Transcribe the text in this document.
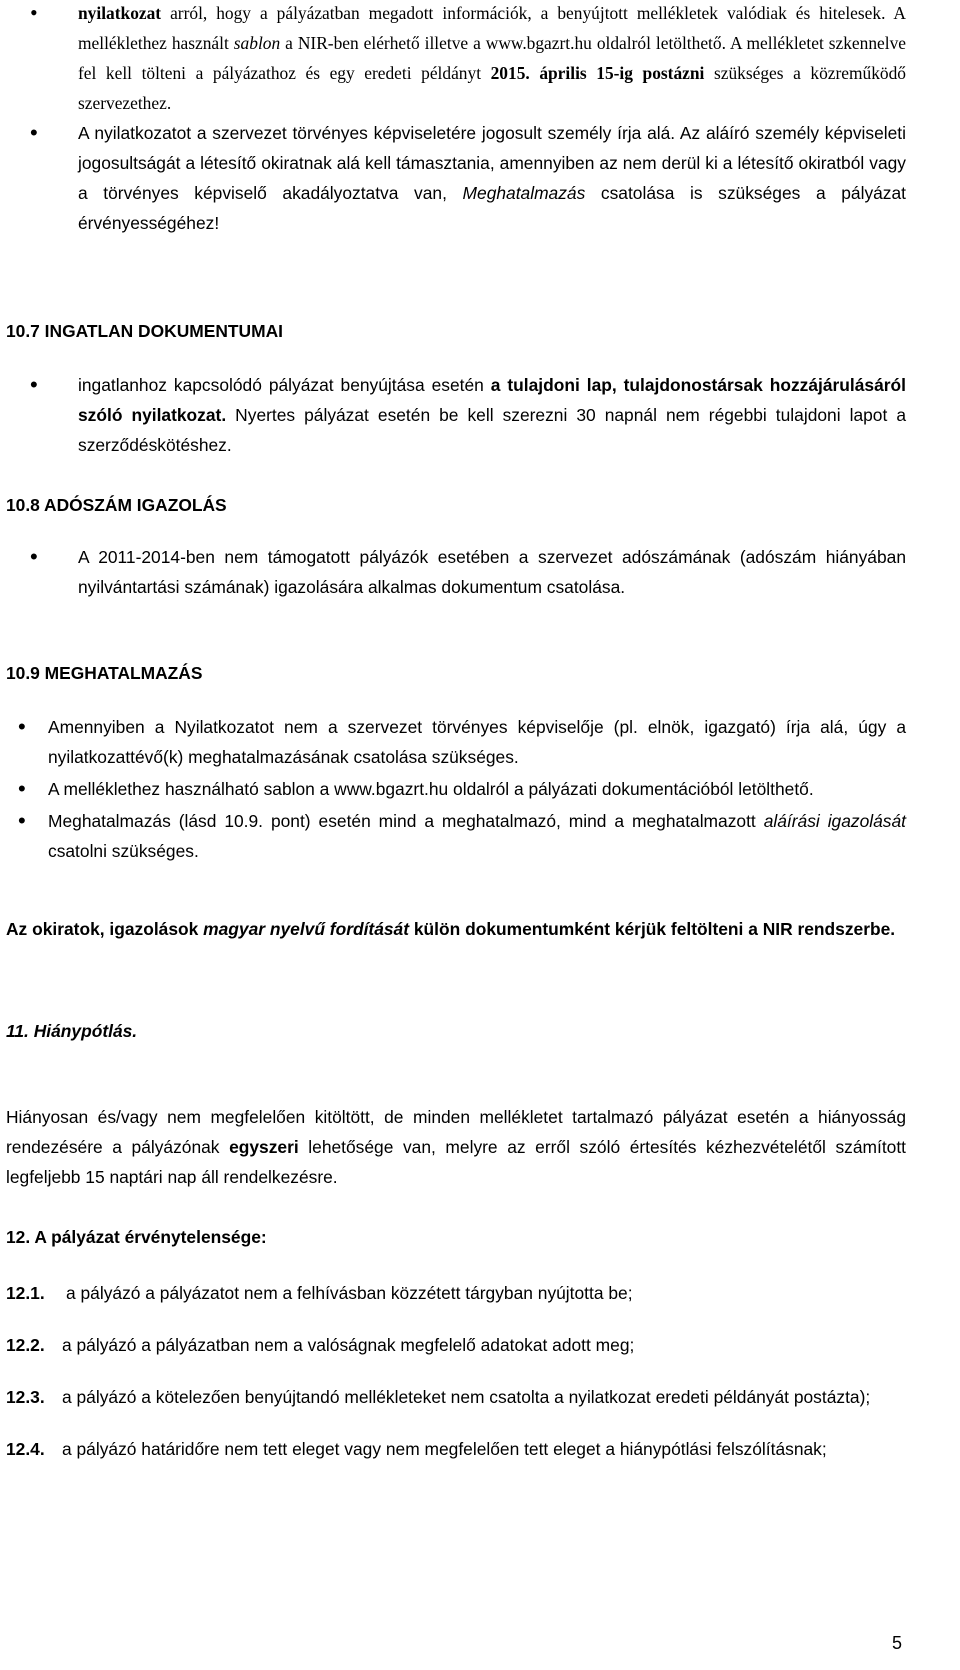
• nyilatkozat arról, hogy a pályázatban megadott információk, a benyújtott mellékletek valódiak és hitelesek. A melléklethez használt sablon a NIR-ben elérhető illetve a www.bgazrt.hu oldalról letölthető. A mellékletet szkennelve fel kell tölteni a pályázathoz és egy eredeti példányt 2015. április 15-ig postázni szükséges a közreműködő szervezethez.
• A nyilatkozatot a szervezet törvényes képviseletére jogosult személy írja alá. Az aláíró személy képviseleti jogosultságát a létesítő okiratnak alá kell támasztania, amennyiben az nem derül ki a létesítő okiratból vagy a törvényes képviselő akadályoztatva van, Meghatalmazás csatolása is szükséges a pályázat érvényességéhez!
10.7 INGATLAN DOKUMENTUMAI
• ingatlanhoz kapcsolódó pályázat benyújtása esetén a tulajdoni lap, tulajdonostársak hozzájárulásáról szóló nyilatkozat. Nyertes pályázat esetén be kell szerezni 30 napnál nem régebbi tulajdoni lapot a szerződéskötéshez.
10.8 ADÓSZÁM IGAZOLÁS
• A 2011-2014-ben nem támogatott pályázók esetében a szervezet adószámának (adószám hiányában nyilvántartási számának) igazolására alkalmas dokumentum csatolása.
10.9 MEGHATALMAZÁS
• Amennyiben a Nyilatkozatot nem a szervezet törvényes képviselője (pl. elnök, igazgató) írja alá, úgy a nyilatkozattévő(k) meghatalmazásának csatolása szükséges.
• A melléklethez használható sablon a www.bgazrt.hu oldalról a pályázati dokumentációból letölthető.
• Meghatalmazás (lásd 10.9. pont) esetén mind a meghatalmazó, mind a meghatalmazott aláírási igazolását csatolni szükséges.

Az okiratok, igazolások magyar nyelvű fordítását külön dokumentumként kérjük feltölteni a NIR rendszerbe.

11. Hiánypótlás.

Hiányosan és/vagy nem megfelelően kitöltött, de minden mellékletet tartalmazó pályázat esetén a hiányosság rendezésére a pályázónak egyszeri lehetősége van, melyre az erről szóló értesítés kézhezvételétől számított legfeljebb 15 naptári nap áll rendelkezésre.

12. A pályázat érvénytelensége:

12.1. a pályázó a pályázatot nem a felhívásban közzétett tárgyban nyújtotta be;

12.2. a pályázó a pályázatban nem a valóságnak megfelelő adatokat adott meg;

12.3. a pályázó a kötelezően benyújtandó mellékleteket nem csatolta a nyilatkozat eredeti példányát postázta);

12.4. a pályázó határidőre nem tett eleget vagy nem megfelelően tett eleget a hiánypótlási felszólításnak;

5
